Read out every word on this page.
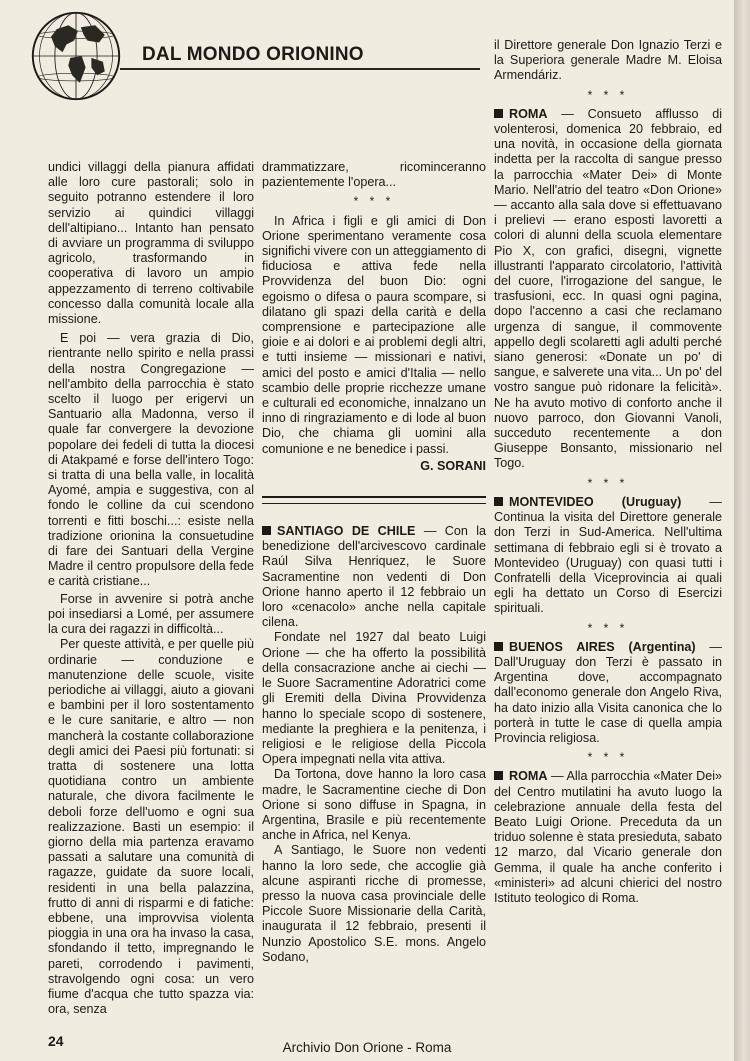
DAL MONDO ORIONINO

undici villaggi della pianura affidati alle loro cure pastorali; solo in seguito potranno estendere il loro servizio ai quindici villaggi dell'altipiano... Intanto han pensato di avviare un programma di sviluppo agricolo, trasformando in cooperativa di lavoro un ampio appezzamento di terreno coltivabile concesso dalla comunità locale alla missione.

E poi — vera grazia di Dio, rientrante nello spirito e nella prassi della nostra Congregazione — nell'ambito della parrocchia è stato scelto il luogo per erigervi un Santuario alla Madonna, verso il quale far convergere la devozione popolare dei fedeli di tutta la diocesi di Atakpamé e forse dell'intero Togo: si tratta di una bella valle, in località Ayomé, ampia e suggestiva, con al fondo le colline da cui scendono torrenti e fitti boschi...: esiste nella tradizione orionina la consuetudine di fare dei Santuari della Vergine Madre il centro propulsore della fede e carità cristiane...

Forse in avvenire si potrà anche poi insediarsi a Lomé, per assumere la cura dei ragazzi in difficoltà...

Per queste attività, e per quelle più ordinarie — conduzione e manutenzione delle scuole, visite periodiche ai villaggi, aiuto a giovani e bambini per il loro sostentamento e le cure sanitarie, e altro — non mancherà la costante collaborazione degli amici dei Paesi più fortunati: si tratta di sostenere una lotta quotidiana contro un ambiente naturale, che divora facilmente le deboli forze dell'uomo e ogni sua realizzazione. Basti un esempio: il giorno della mia partenza eravamo passati a salutare una comunità di ragazze, guidate da suore locali, residenti in una bella palazzina, frutto di anni di risparmi e di fatiche: ebbene, una improvvisa violenta pioggia in una ora ha invaso la casa, sfondando il tetto, impregnando le pareti, corrodendo i pavimenti, stravolgendo ogni cosa: un vero fiume d'acqua che tutto spazza via: ora, senza

drammatizzare, ricominceranno pazientemente l'opera...

* * *

In Africa i figli e gli amici di Don Orione sperimentano veramente cosa significhi vivere con un atteggiamento di fiduciosa e attiva fede nella Provvidenza del buon Dio: ogni egoismo o difesa o paura scompare, si dilatano gli spazi della carità e della comprensione e partecipazione alle gioie e ai dolori e ai problemi degli altri, e tutti insieme — missionari e nativi, amici del posto e amici d'Italia — nello scambio delle proprie ricchezze umane e culturali ed economiche, innalzano un inno di ringraziamento e di lode al buon Dio, che chiama gli uomini alla comunione e ne benedice i passi.

G. SORANI

SANTIAGO DE CHILE — Con la benedizione dell'arcivescovo cardinale Raúl Silva Henriquez, le Suore Sacramentine non vedenti di Don Orione hanno aperto il 12 febbraio un loro «cenacolo» anche nella capitale cilena.

Fondate nel 1927 dal beato Luigi Orione — che ha offerto la possibilità della consacrazione anche ai ciechi — le Suore Sacramentine Adoratrici come gli Eremiti della Divina Provvidenza hanno lo speciale scopo di sostenere, mediante la preghiera e la penitenza, i religiosi e le religiose della Piccola Opera impegnati nella vita attiva.

Da Tortona, dove hanno la loro casa madre, le Sacramentine cieche di Don Orione si sono diffuse in Spagna, in Argentina, Brasile e più recentemente anche in Africa, nel Kenya.

A Santiago, le Suore non vedenti hanno la loro sede, che accoglie già alcune aspiranti ricche di promesse, presso la nuova casa provinciale delle Piccole Suore Missionarie della Carità, inaugurata il 12 febbraio, presenti il Nunzio Apostolico S.E. mons. Angelo Sodano,

il Direttore generale Don Ignazio Terzi e la Superiora generale Madre M. Eloisa Armendáriz.

* * *

ROMA — Consueto afflusso di volenterosi, domenica 20 febbraio, ed una novità, in occasione della giornata indetta per la raccolta di sangue presso la parrocchia «Mater Dei» di Monte Mario. Nell'atrio del teatro «Don Orione» — accanto alla sala dove si effettuavano i prelievi — erano esposti lavoretti a colori di alunni della scuola elementare Pio X, con grafici, disegni, vignette illustranti l'apparato circolatorio, l'attività del cuore, l'irrogazione del sangue, le trasfusioni, ecc. In quasi ogni pagina, dopo l'accenno a casi che reclamano urgenza di sangue, il commovente appello degli scolaretti agli adulti perché siano generosi: «Donate un po' di sangue, e salverete una vita... Un po' del vostro sangue può ridonare la felicità». Ne ha avuto motivo di conforto anche il nuovo parroco, don Giovanni Vanoli, succeduto recentemente a don Giuseppe Bonsanto, missionario nel Togo.

* * *

MONTEVIDEO (Uruguay) — Continua la visita del Direttore generale don Terzi in Sud-America. Nell'ultima settimana di febbraio egli si è trovato a Montevideo (Uruguay) con quasi tutti i Confratelli della Viceprovincia ai quali egli ha dettato un Corso di Esercizi spirituali.

* * *

BUENOS AIRES (Argentina) — Dall'Uruguay don Terzi è passato in Argentina dove, accompagnato dall'economo generale don Angelo Riva, ha dato inizio alla Visita canonica che lo porterà in tutte le case di quella ampia Provincia religiosa.

* * *

ROMA — Alla parrocchia «Mater Dei» del Centro mutilatini ha avuto luogo la celebrazione annuale della festa del Beato Luigi Orione. Preceduta da un triduo solenne è stata presieduta, sabato 12 marzo, dal Vicario generale don Gemma, il quale ha anche conferito i «ministeri» ad alcuni chierici del nostro Istituto teologico di Roma.

24	Archivio Don Orione - Roma
